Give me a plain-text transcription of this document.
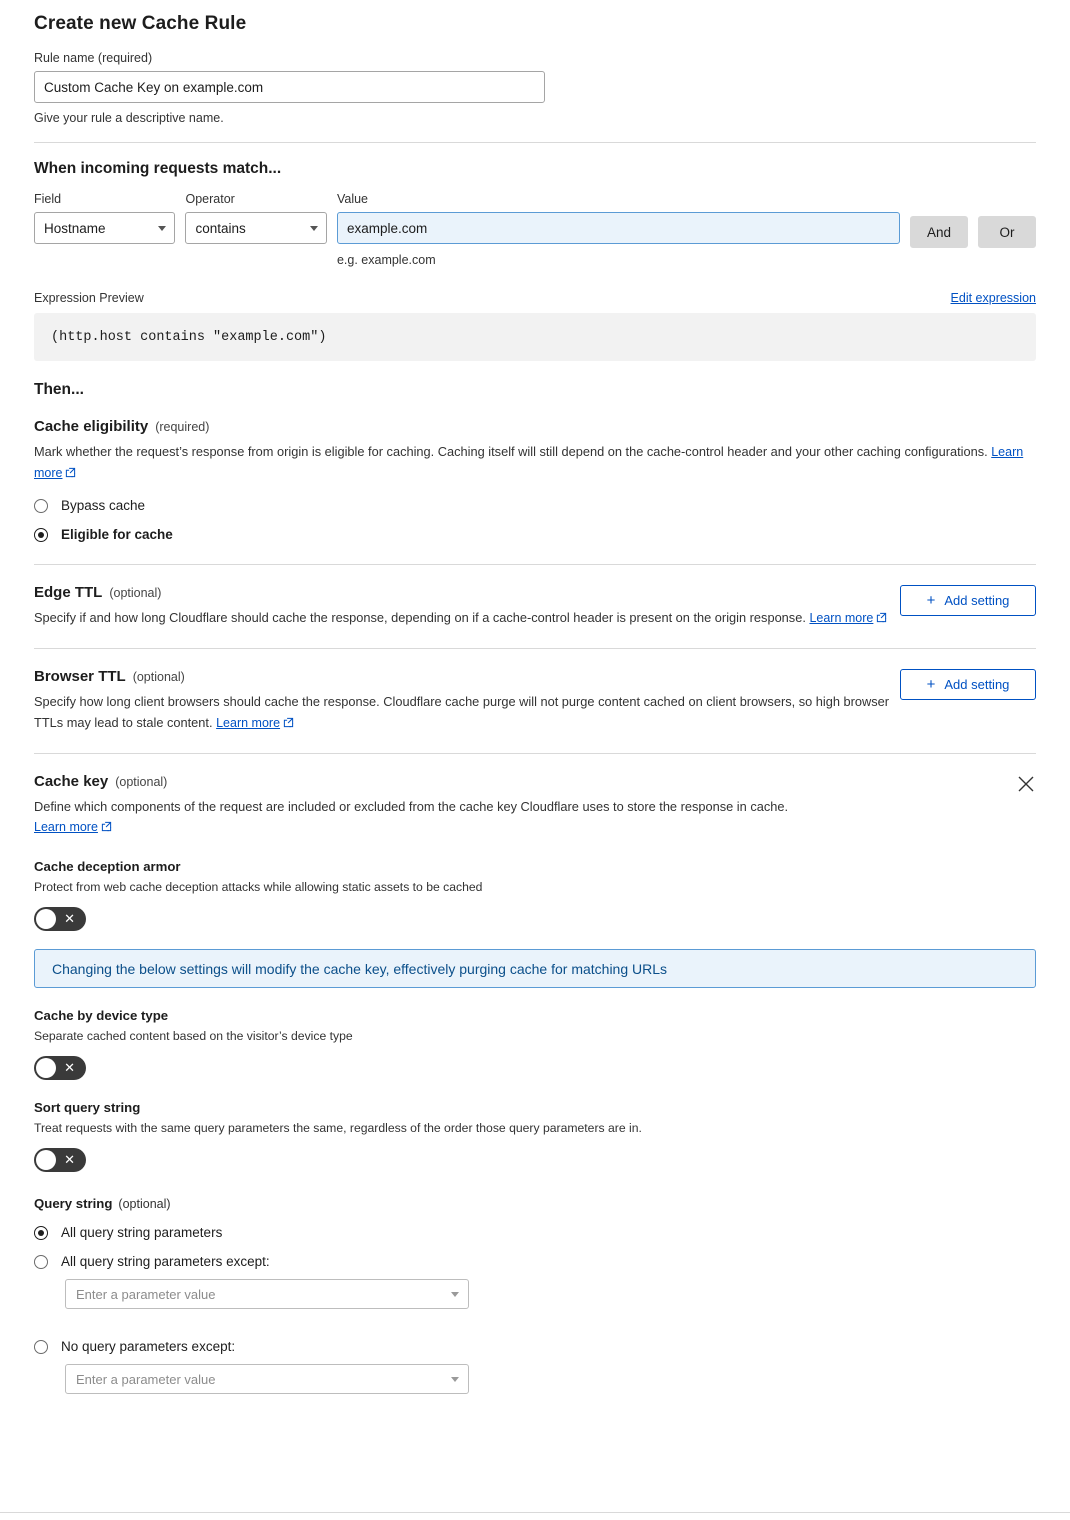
Create new Cache Rule
Rule name (required)
Custom Cache Key on example.com
Give your rule a descriptive name.
When incoming requests match...
Field
Hostname
Operator
contains
Value
example.com
e.g. example.com
And	Or
Expression Preview	Edit expression
(http.host contains "example.com")
Then...
Cache eligibility (required)
Mark whether the request’s response from origin is eligible for caching. Caching itself will still depend on the cache-control header and your other caching configurations. Learn more
Bypass cache
Eligible for cache
Edge TTL (optional)
Specify if and how long Cloudflare should cache the response, depending on if a cache-control header is present on the origin response. Learn more
+ Add setting
Browser TTL (optional)
Specify how long client browsers should cache the response. Cloudflare cache purge will not purge content cached on client browsers, so high browser TTLs may lead to stale content. Learn more
+ Add setting
Cache key (optional)
Define which components of the request are included or excluded from the cache key Cloudflare uses to store the response in cache.
Learn more
Cache deception armor
Protect from web cache deception attacks while allowing static assets to be cached
✕
Changing the below settings will modify the cache key, effectively purging cache for matching URLs
Cache by device type
Separate cached content based on the visitor’s device type
✕
Sort query string
Treat requests with the same query parameters the same, regardless of the order those query parameters are in.
✕
Query string (optional)
All query string parameters
All query string parameters except:
Enter a parameter value
No query parameters except:
Enter a parameter value
